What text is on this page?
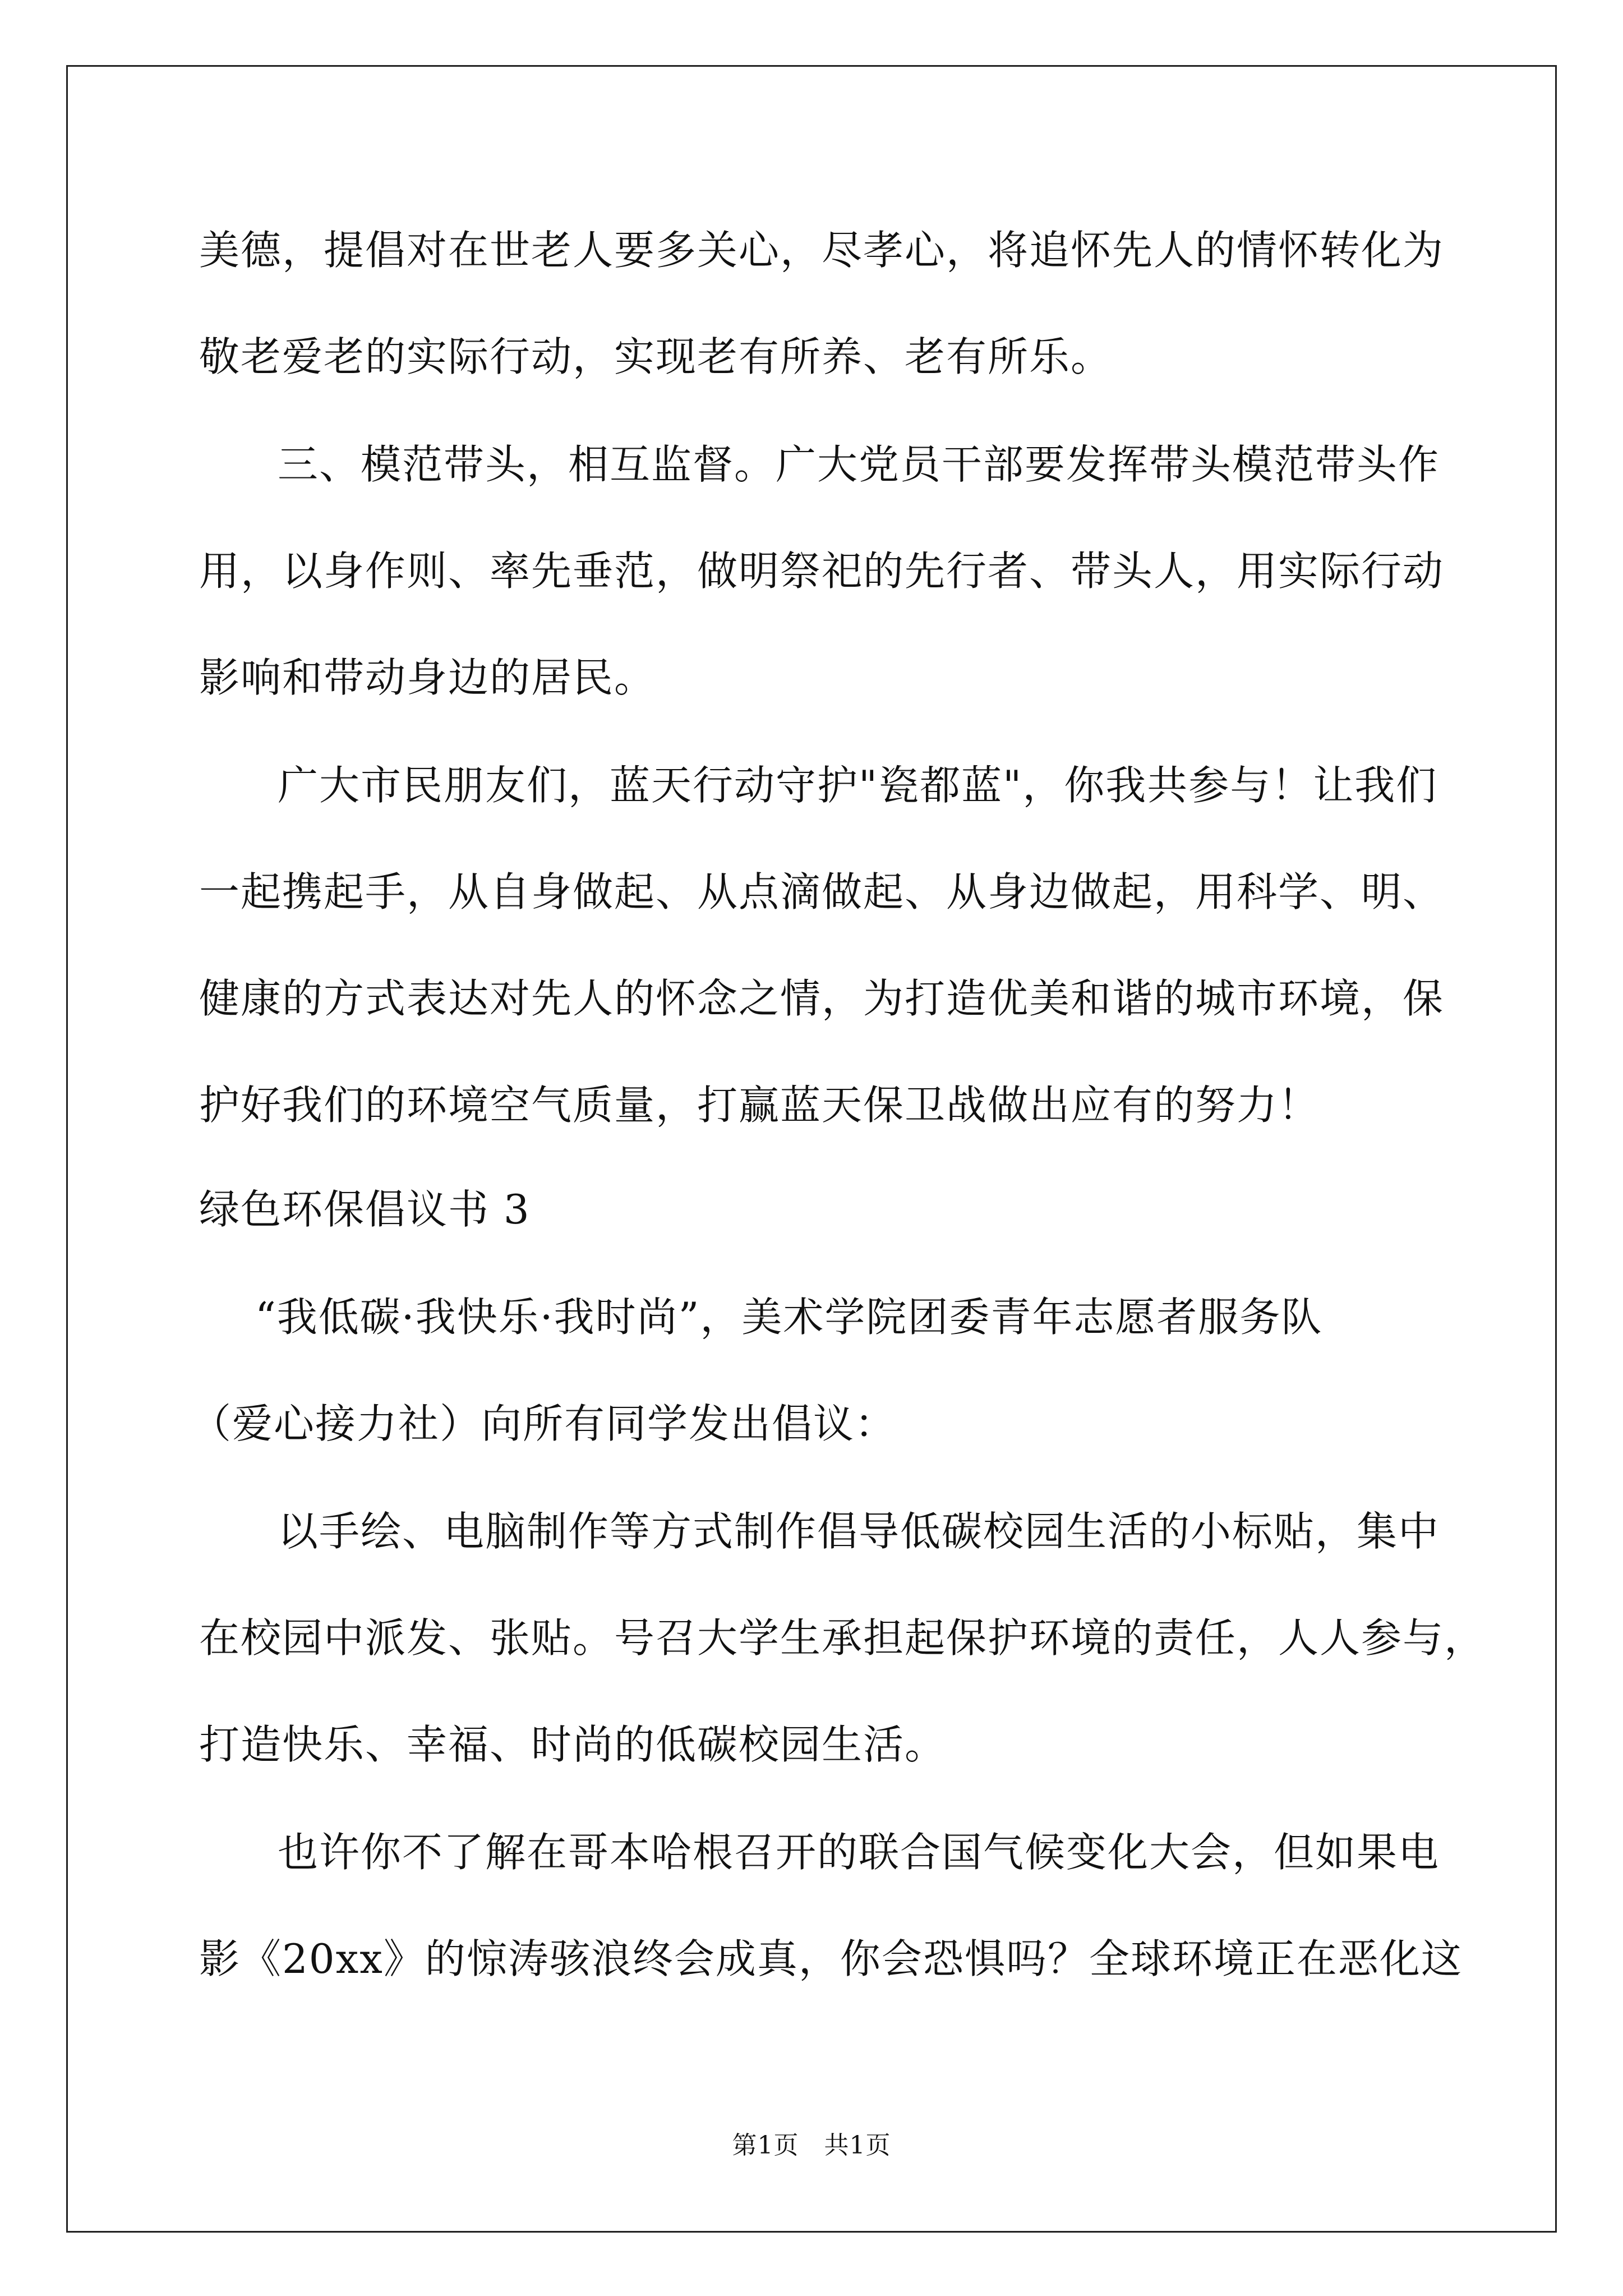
美德，提倡对在世老人要多关心，尽孝心，将追怀先人的情怀转化为
敬老爱老的实际行动，实现老有所养、老有所乐。
三、模范带头，相互监督。广大党员干部要发挥带头模范带头作
用，以身作则、率先垂范，做明祭祀的先行者、带头人，用实际行动
影响和带动身边的居民。
广大市民朋友们，蓝天行动守护"瓷都蓝"，你我共参与！让我们
一起携起手，从自身做起、从点滴做起、从身边做起，用科学、明、
健康的方式表达对先人的怀念之情，为打造优美和谐的城市环境，保
护好我们的环境空气质量，打赢蓝天保卫战做出应有的努力！
绿色环保倡议书 3
“我低碳·我快乐·我时尚”，美术学院团委青年志愿者服务队
（爱心接力社）向所有同学发出倡议：
以手绘、电脑制作等方式制作倡导低碳校园生活的小标贴，集中
在校园中派发、张贴。号召大学生承担起保护环境的责任，人人参与，
打造快乐、幸福、时尚的低碳校园生活。
也许你不了解在哥本哈根召开的联合国气候变化大会，但如果电
影《20xx》的惊涛骇浪终会成真，你会恐惧吗？全球环境正在恶化这
第1页　共1页
